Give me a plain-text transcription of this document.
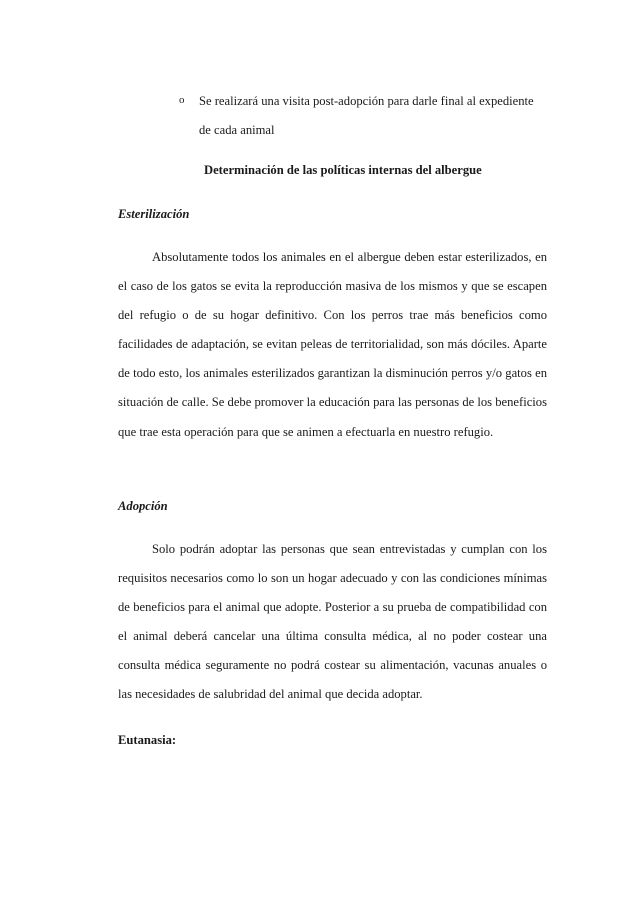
o	Se realizará una visita post-adopción para darle final al expediente
de cada animal
Determinación de las políticas internas del albergue
Esterilización

Absolutamente todos los animales en el albergue deben estar esterilizados, en el caso de los gatos se evita la reproducción masiva de los mismos y que se escapen del refugio o de su hogar definitivo. Con los perros trae más beneficios como facilidades de adaptación, se evitan peleas de territorialidad, son más dóciles. Aparte de todo esto, los animales esterilizados garantizan la disminución perros y/o gatos en situación de calle. Se debe promover la educación para las personas de los beneficios que trae esta operación para que se animen a efectuarla en nuestro refugio.

Adopción

Solo podrán adoptar las personas que sean entrevistadas y cumplan con los requisitos necesarios como lo son un hogar adecuado y con las condiciones mínimas de beneficios para el animal que adopte. Posterior a su prueba de compatibilidad con el animal deberá cancelar una última consulta médica, al no poder costear una consulta médica seguramente no podrá costear su alimentación, vacunas anuales o las necesidades de salubridad del animal que decida adoptar.

Eutanasia:
